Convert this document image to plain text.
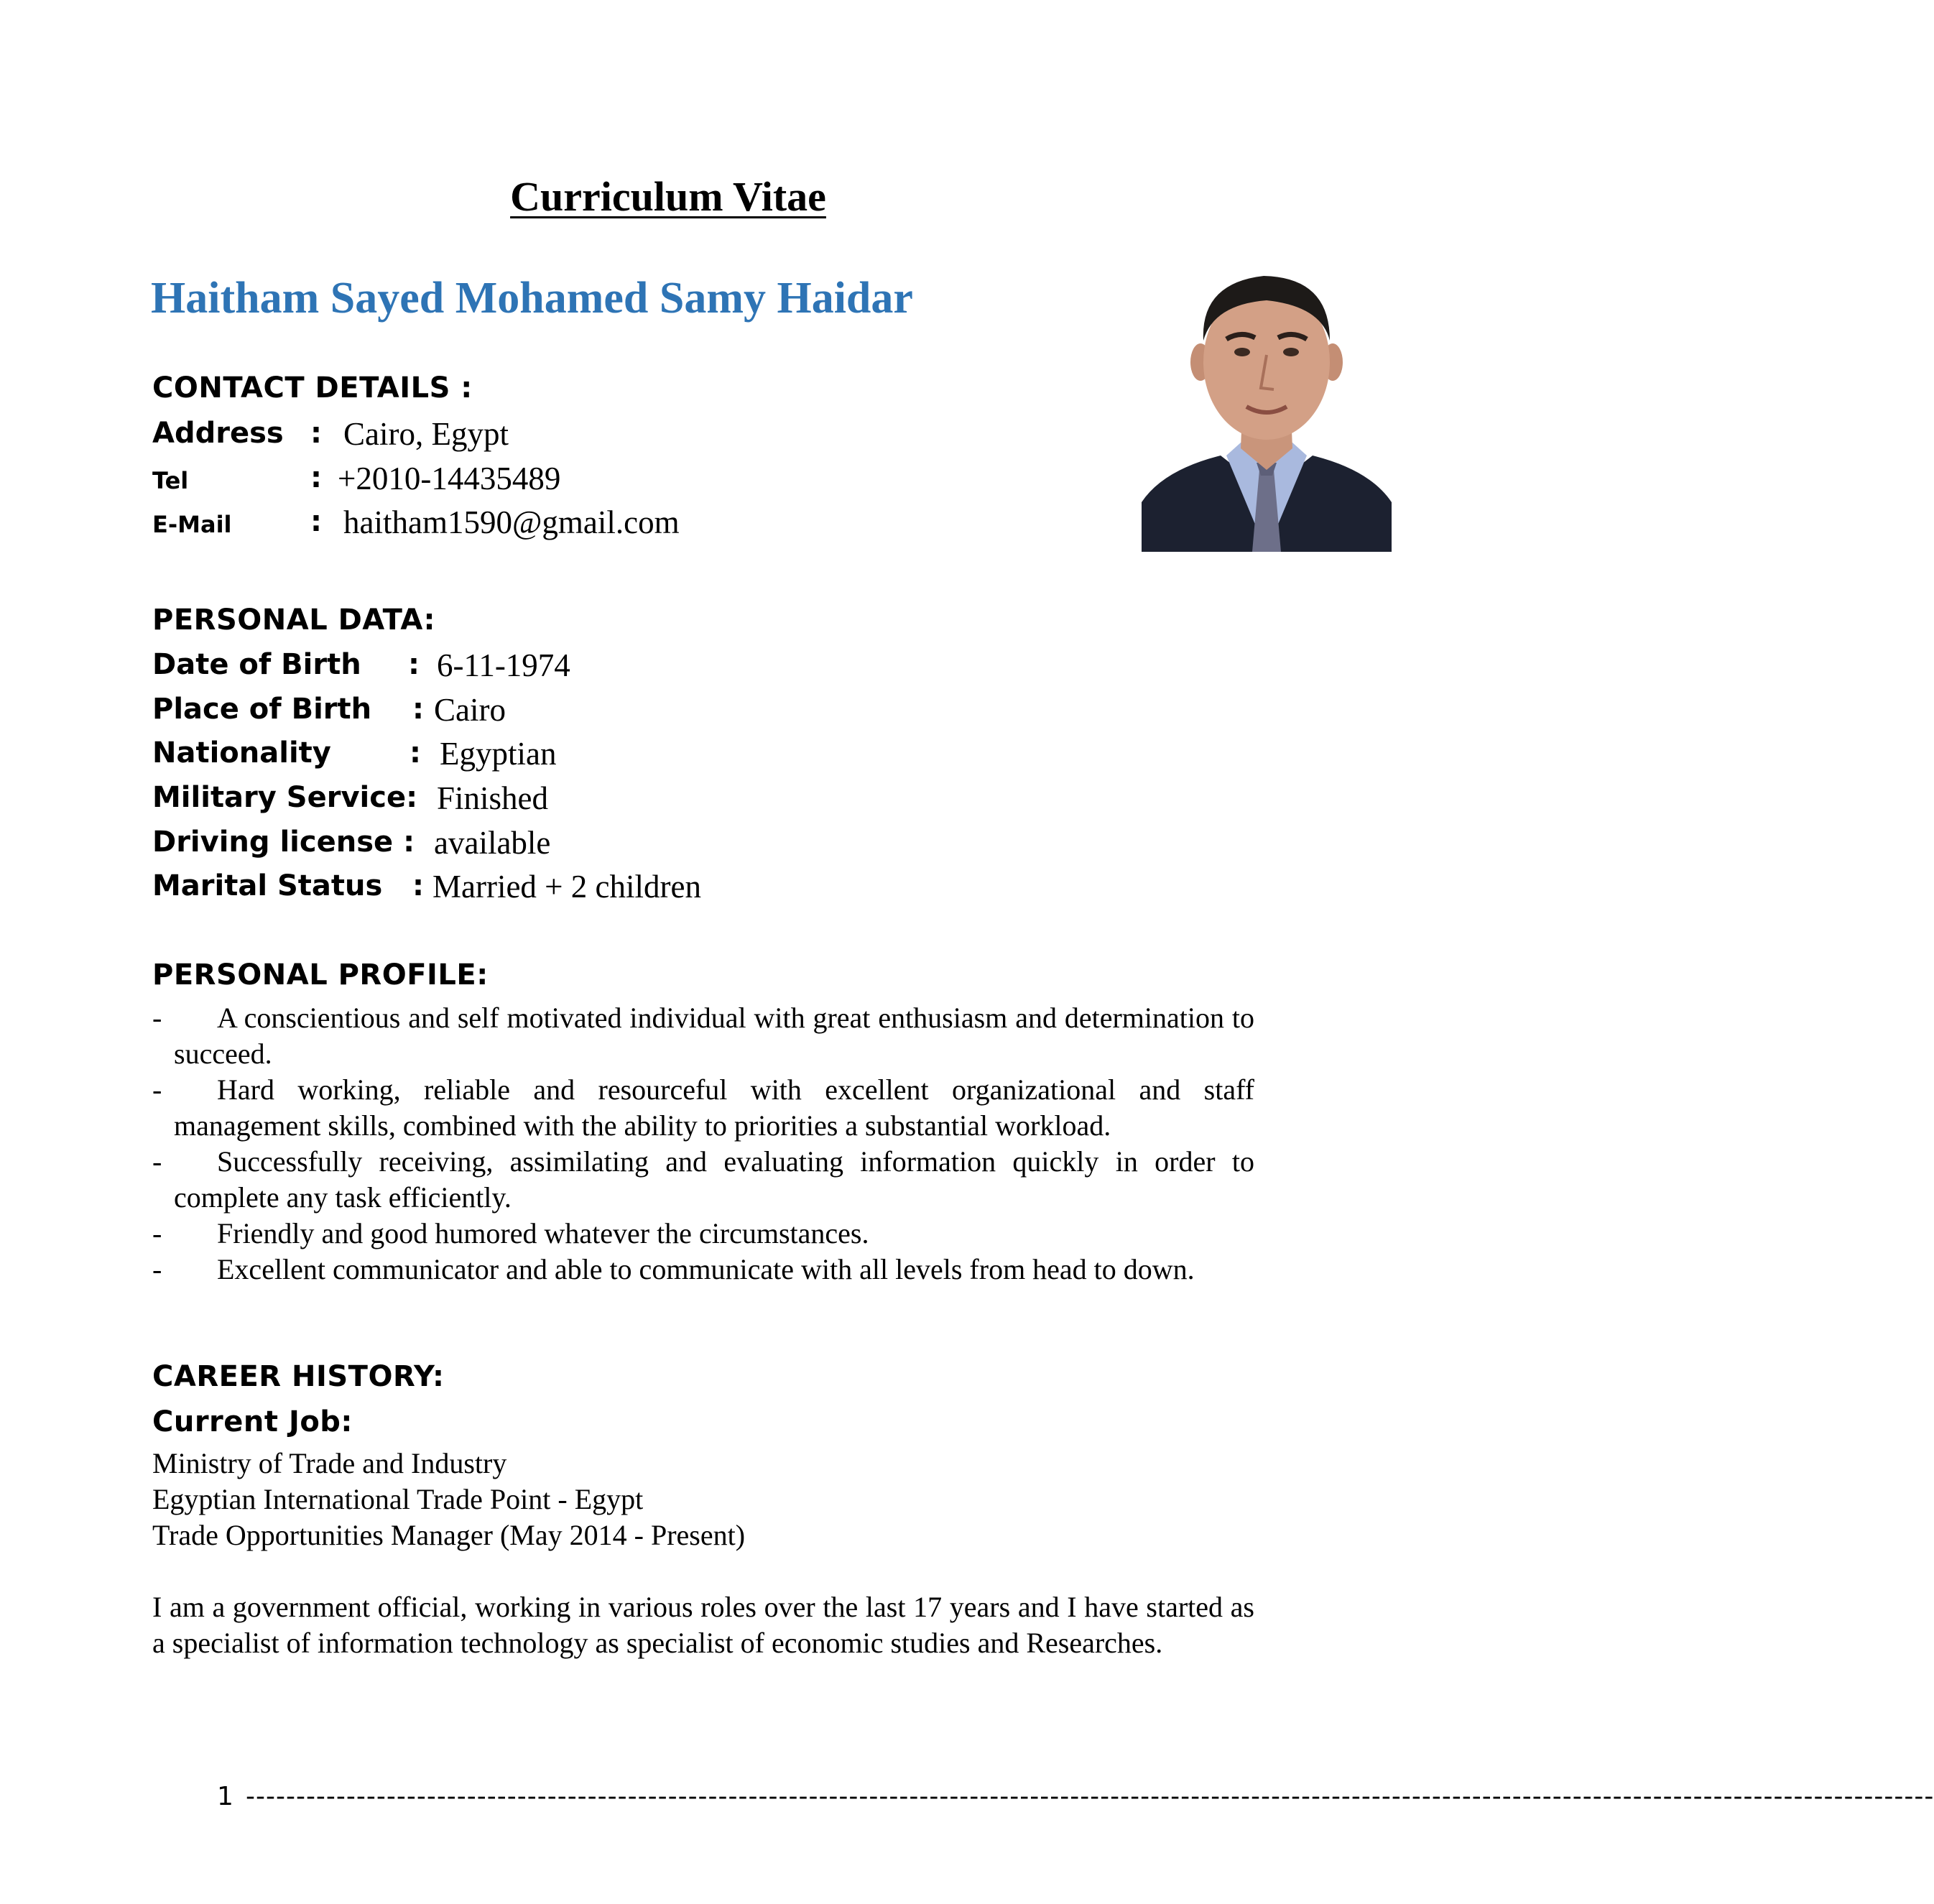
Curriculum Vitae
Haitham Sayed Mohamed Samy Haidar
CONTACT DETAILS :
Address : Cairo, Egypt
Tel	: +2010-14435489
E-Mail	: haitham1590@gmail.com
PERSONAL DATA:
Date of Birth : 6-11-1974
Place of Birth : Cairo
Nationality	: Egyptian
Military Service: Finished
Driving license : available
Marital Status : Married + 2 children
PERSONAL PROFILE:
- A conscientious and self motivated individual with great enthusiasm and determination to succeed.
- Hard working, reliable and resourceful with excellent organizational and staff management skills, combined with the ability to priorities a substantial workload.
- Successfully receiving, assimilating and evaluating information quickly in order to complete any task efficiently.
- Friendly and good humored whatever the circumstances.
- Excellent communicator and able to communicate with all levels from head to down.
CAREER HISTORY:
Current Job:
Ministry of Trade and Industry
Egyptian International Trade Point - Egypt
Trade Opportunities Manager (May 2014 - Present)
I am a government official, working in various roles over the last 17 years and I have started as a specialist of information technology as specialist of economic studies and Researches.
1 ------------------------------------------------------------------------------------------------------------------------------------------------------------------------
